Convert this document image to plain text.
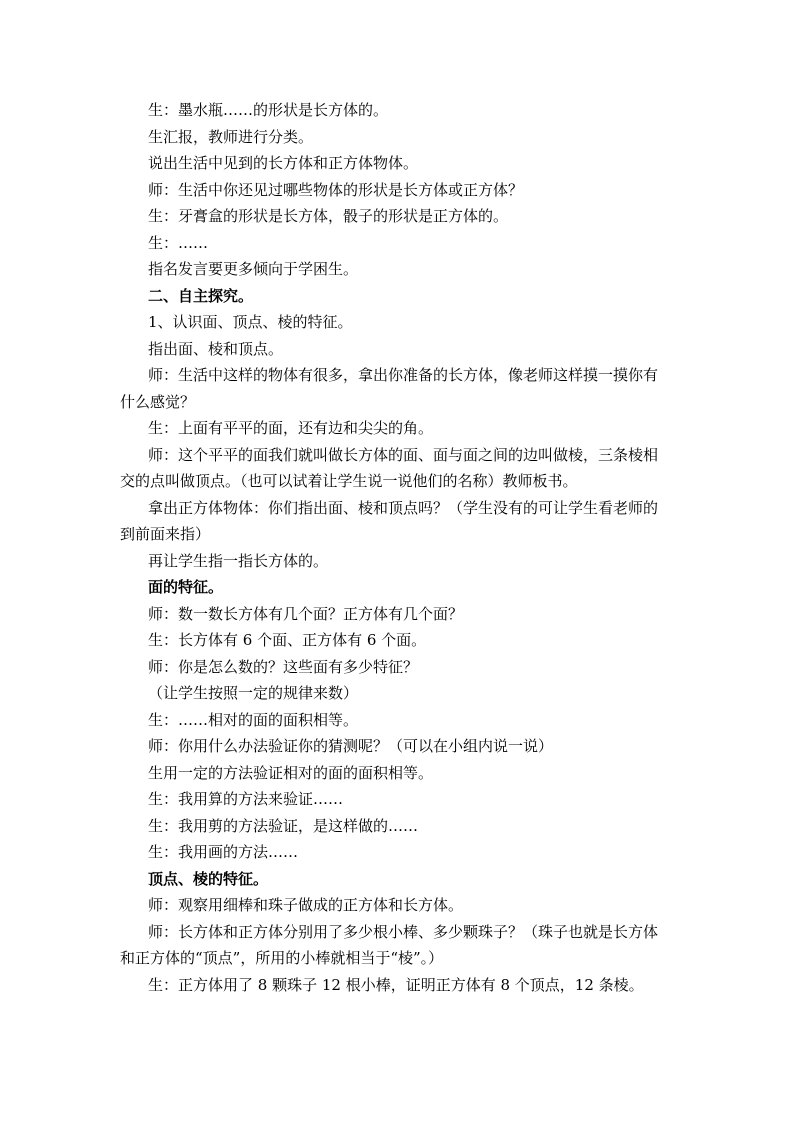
生：墨水瓶……的形状是长方体的。

生汇报，教师进行分类。

说出生活中见到的长方体和正方体物体。

师：生活中你还见过哪些物体的形状是长方体或正方体？

生：牙膏盒的形状是长方体，骰子的形状是正方体的。

生：……

指名发言要更多倾向于学困生。

二、自主探究。

1、认识面、顶点、棱的特征。

指出面、棱和顶点。

师：生活中这样的物体有很多，拿出你准备的长方体，像老师这样摸一摸你有什么感觉？

生：上面有平平的面，还有边和尖尖的角。

师：这个平平的面我们就叫做长方体的面、面与面之间的边叫做棱，三条棱相交的点叫做顶点。（也可以试着让学生说一说他们的名称）教师板书。

拿出正方体物体：你们指出面、棱和顶点吗？（学生没有的可让学生看老师的到前面来指）

再让学生指一指长方体的。

面的特征。

师：数一数长方体有几个面？正方体有几个面？

生：长方体有 6 个面、正方体有 6 个面。

师：你是怎么数的？这些面有多少特征？

（让学生按照一定的规律来数）

生：……相对的面的面积相等。

师：你用什么办法验证你的猜测呢？（可以在小组内说一说）

生用一定的方法验证相对的面的面积相等。

生：我用算的方法来验证……

生：我用剪的方法验证，是这样做的……

生：我用画的方法……

顶点、棱的特征。

师：观察用细棒和珠子做成的正方体和长方体。

师：长方体和正方体分别用了多少根小棒、多少颗珠子？（珠子也就是长方体和正方体的“顶点”，所用的小棒就相当于“棱”。）

生：正方体用了 8 颗珠子 12 根小棒，证明正方体有 8 个顶点，12 条棱。
